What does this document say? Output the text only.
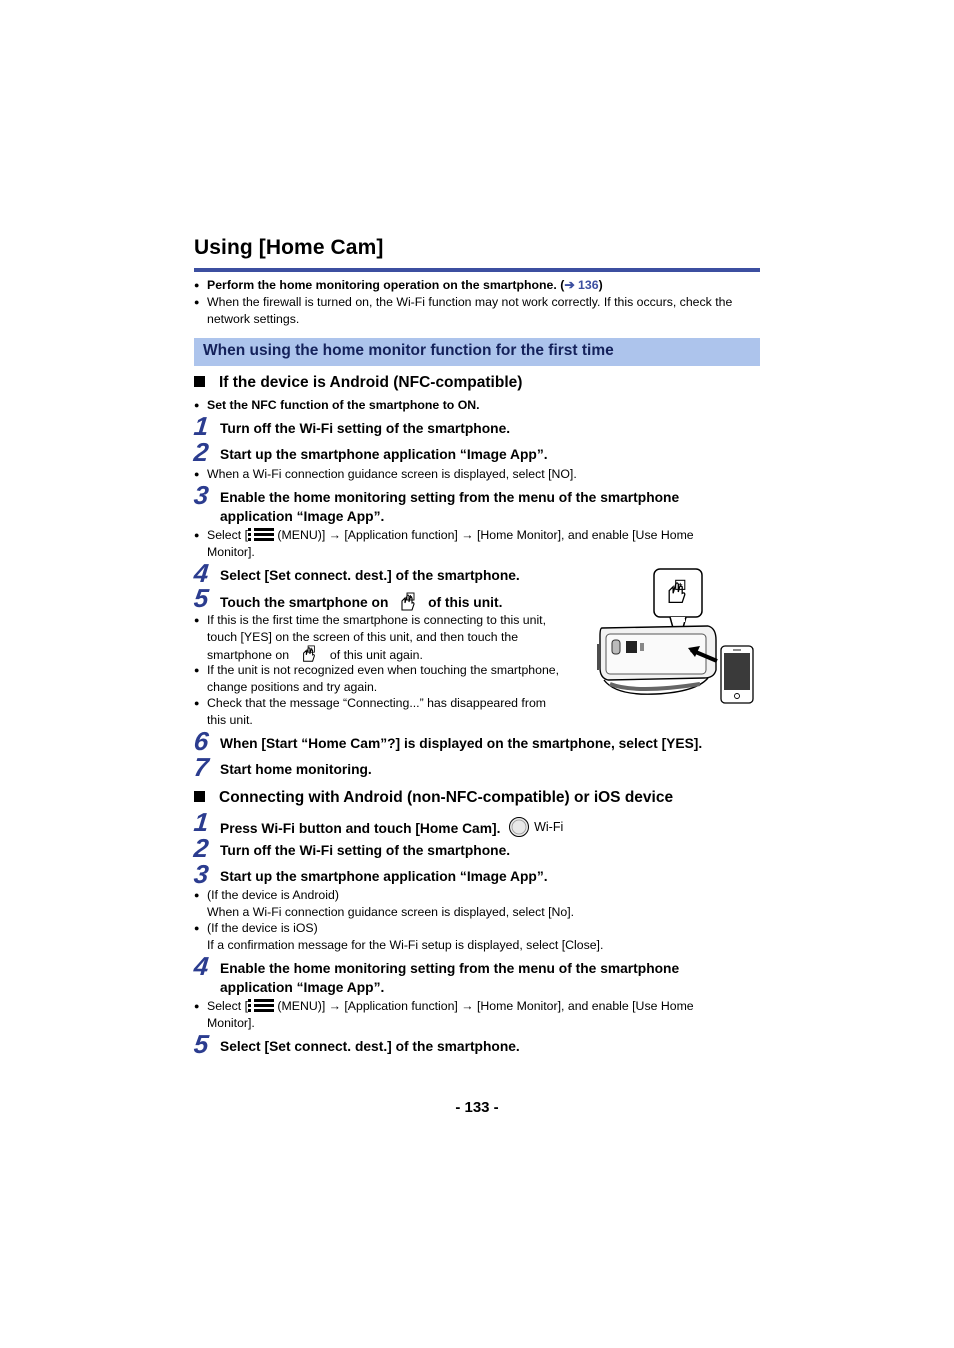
Using [Home Cam]
● Perform the home monitoring operation on the smartphone. (➔ 136)
● When the firewall is turned on, the Wi-Fi function may not work correctly. If this occurs, check the network settings.
When using the home monitor function for the first time
If the device is Android (NFC-compatible)
● Set the NFC function of the smartphone to ON.
1 Turn off the Wi-Fi setting of the smartphone.
2 Start up the smartphone application “Image App”.
● When a Wi-Fi connection guidance screen is displayed, select [NO].
3 Enable the home monitoring setting from the menu of the smartphone
application “Image App”.
● Select [ (MENU)] → [Application function] → [Home Monitor], and enable [Use Home
Monitor].
4 Select [Set connect. dest.] of the smartphone.
5 Touch the smartphone on	of this unit.
● If this is the first time the smartphone is connecting to this unit,
touch [YES] on the screen of this unit, and then touch the
smartphone on	of this unit again.
● If the unit is not recognized even when touching the smartphone,
change positions and try again.
● Check that the message “Connecting...” has disappeared from
this unit.
6 When [Start “Home Cam”?] is displayed on the smartphone, select [YES].
7 Start home monitoring.
Connecting with Android (non-NFC-compatible) or iOS device
1 Press Wi-Fi button and touch [Home Cam].	Wi-Fi
2 Turn off the Wi-Fi setting of the smartphone.
3 Start up the smartphone application “Image App”.
● (If the device is Android)
When a Wi-Fi connection guidance screen is displayed, select [No].
● (If the device is iOS)
If a confirmation message for the Wi-Fi setup is displayed, select [Close].
4 Enable the home monitoring setting from the menu of the smartphone
application “Image App”.
● Select [ (MENU)] → [Application function] → [Home Monitor], and enable [Use Home
Monitor].
5 Select [Set connect. dest.] of the smartphone.
- 133 -
